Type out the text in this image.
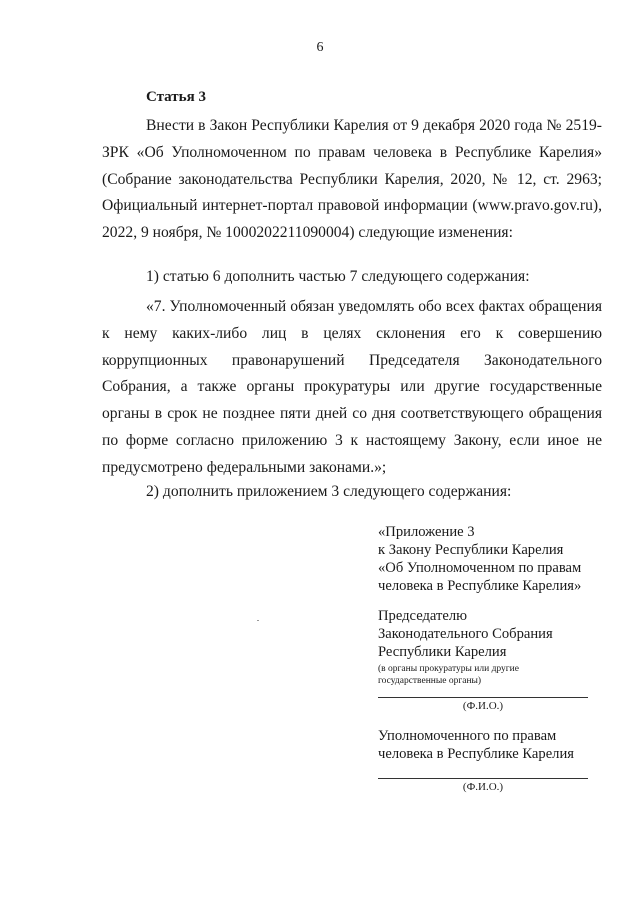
6
Статья 3

Внести в Закон Республики Карелия от 9 декабря 2020 года № 2519-ЗРК «Об Уполномоченном по правам человека в Республике Карелия» (Собрание законодательства Республики Карелия, 2020, № 12, ст. 2963; Официальный интернет-портал правовой информации (www.pravo.gov.ru), 2022, 9 ноября, № 1000202211090004) следующие изменения:

1) статью 6 дополнить частью 7 следующего содержания:

«7. Уполномоченный обязан уведомлять обо всех фактах обращения к нему каких-либо лиц в целях склонения его к совершению коррупционных правонарушений Председателя Законодательного Собрания, а также органы прокуратуры или другие государственные органы в срок не позднее пяти дней со дня соответствующего обращения по форме согласно приложению 3 к настоящему Закону, если иное не предусмотрено федеральными законами.»;

2) дополнить приложением 3 следующего содержания:

«Приложение 3
к Закону Республики Карелия
«Об Уполномоченном по правам
человека в Республике Карелия»
Председателю
Законодательного Собрания
Республики Карелия
(в органы прокуратуры или другие
государственные органы)
(Ф.И.О.)
Уполномоченного по правам
человека в Республике Карелия
(Ф.И.О.)
